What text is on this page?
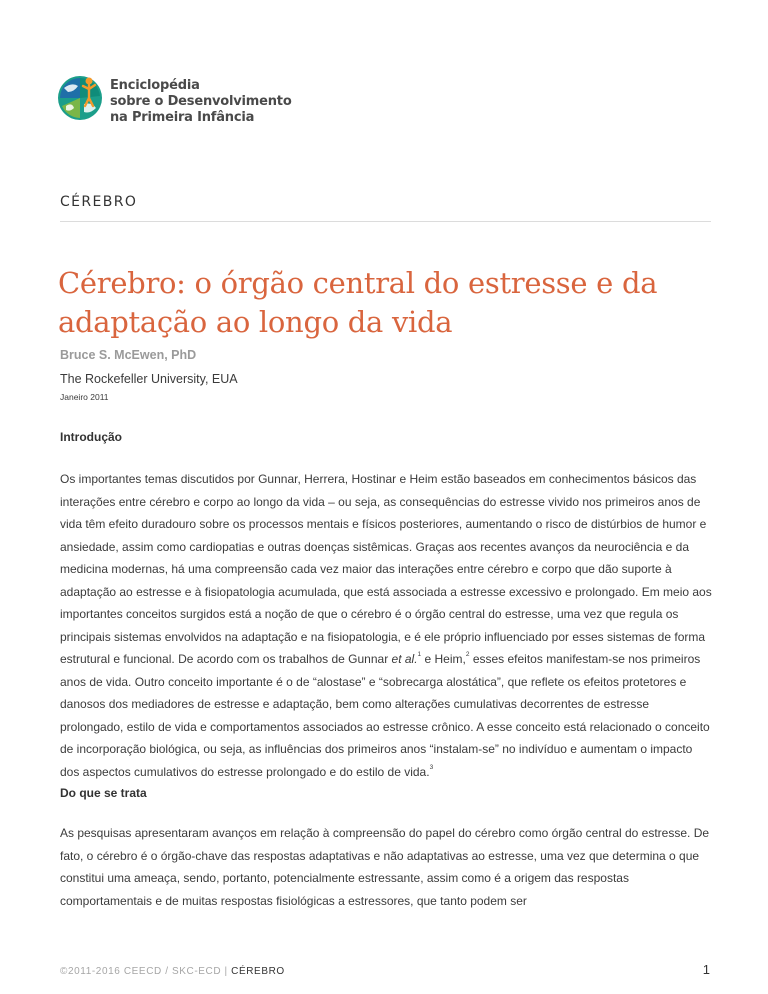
Enciclopédia
sobre o Desenvolvimento
na Primeira Infância

CÉREBRO

Cérebro: o órgão central do estresse e da adaptação ao longo da vida

Bruce S. McEwen, PhD

The Rockefeller University, EUA

Janeiro 2011

Introdução

Os importantes temas discutidos por Gunnar, Herrera, Hostinar e Heim estão baseados em conhecimentos básicos das interações entre cérebro e corpo ao longo da vida – ou seja, as consequências do estresse vivido nos primeiros anos de vida têm efeito duradouro sobre os processos mentais e físicos posteriores, aumentando o risco de distúrbios de humor e ansiedade, assim como cardiopatias e outras doenças sistêmicas. Graças aos recentes avanços da neurociência e da medicina modernas, há uma compreensão cada vez maior das interações entre cérebro e corpo que dão suporte à adaptação ao estresse e à fisiopatologia acumulada, que está associada a estresse excessivo e prolongado. Em meio aos importantes conceitos surgidos está a noção de que o cérebro é o órgão central do estresse, uma vez que regula os principais sistemas envolvidos na adaptação e na fisiopatologia, e é ele próprio influenciado por esses sistemas de forma estrutural e funcional. De acordo com os trabalhos de Gunnar et al.$^1$ e Heim,$^2$ esses efeitos manifestam-se nos primeiros anos de vida. Outro conceito importante é o de “alostase” e “sobrecarga alostática”, que reflete os efeitos protetores e danosos dos mediadores de estresse e adaptação, bem como alterações cumulativas decorrentes de estresse prolongado, estilo de vida e comportamentos associados ao estresse crônico. A esse conceito está relacionado o conceito de incorporação biológica, ou seja, as influências dos primeiros anos “instalam-se” no indivíduo e aumentam o impacto dos aspectos cumulativos do estresse prolongado e do estilo de vida.$^3$

Do que se trata

As pesquisas apresentaram avanços em relação à compreensão do papel do cérebro como órgão central do estresse. De fato, o cérebro é o órgão-chave das respostas adaptativas e não adaptativas ao estresse, uma vez que determina o que constitui uma ameaça, sendo, portanto, potencialmente estressante, assim como é a origem das respostas comportamentais e de muitas respostas fisiológicas a estressores, que tanto podem ser

©2011-2016 CEECD / SKC-ECD | CÉREBRO	1
